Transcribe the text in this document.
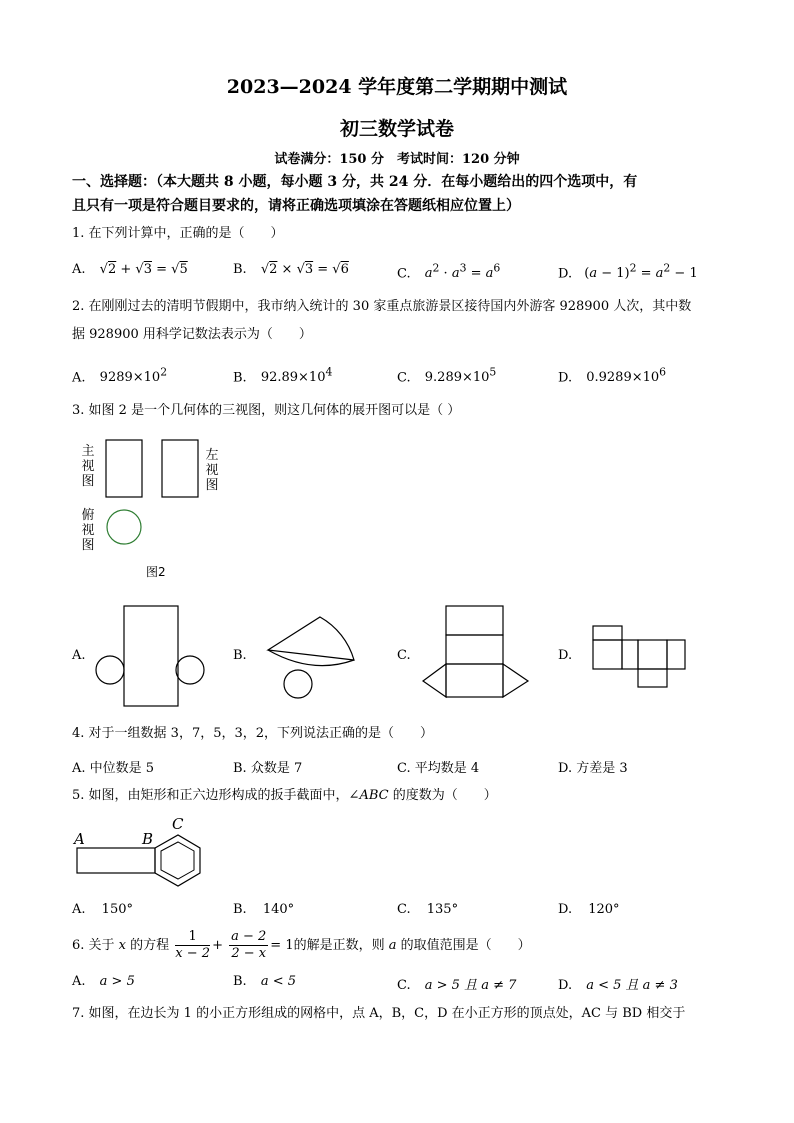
2023—2024 学年度第二学期期中测试
初三数学试卷
试卷满分：150 分　考试时间：120 分钟
一、选择题：（本大题共 8 小题，每小题 3 分，共 24 分．在每小题给出的四个选项中，有
且只有一项是符合题目要求的，请将正确选项填涂在答题纸相应位置上）
1. 在下列计算中，正确的是（　　）
A. √2 + √3 = √5	B. √2 × √3 = √6	C. $a^2 \cdot a^3 = a^6$	D. $(a - 1)^2 = a^2 - 1$
2. 在刚刚过去的清明节假期中，我市纳入统计的 30 家重点旅游景区接待国内外游客 928900 人次，其中数
据 928900 用科学记数法表示为（　　）
A. $9289\times 10^2$	B. $92.89\times 10^4$	C. $9.289\times 10^5$	D. $0.9289\times 10^6$
3. 如图 2 是一个几何体的三视图，则这几何体的展开图可以是（ ）
主视图
左视图
俯视图
图2
A.	B.	C.	D.
4. 对于一组数据 3，7，5，3，2，下列说法正确的是（　　）
A. 中位数是 5	B. 众数是 7	C. 平均数是 4	D. 方差是 3
5. 如图，由矩形和正六边形构成的扳手截面中，∠ABC 的度数为（　　）
A	B
C
A. 150°	B. 140°	C. 135°	D. 120°
6. 关于 x 的方程 $\frac{1}{x - 2} + \frac{a - 2}{2 - x} = 1$的解是正数，则 a 的取值范围是（　　）
A. a > 5	B. a < 5	C. a > 5 且 a ≠ 7	D. a < 5 且 a ≠ 3
7. 如图，在边长为 1 的小正方形组成的网格中，点 A，B，C，D 在小正方形的顶点处，AC 与 BD 相交于
